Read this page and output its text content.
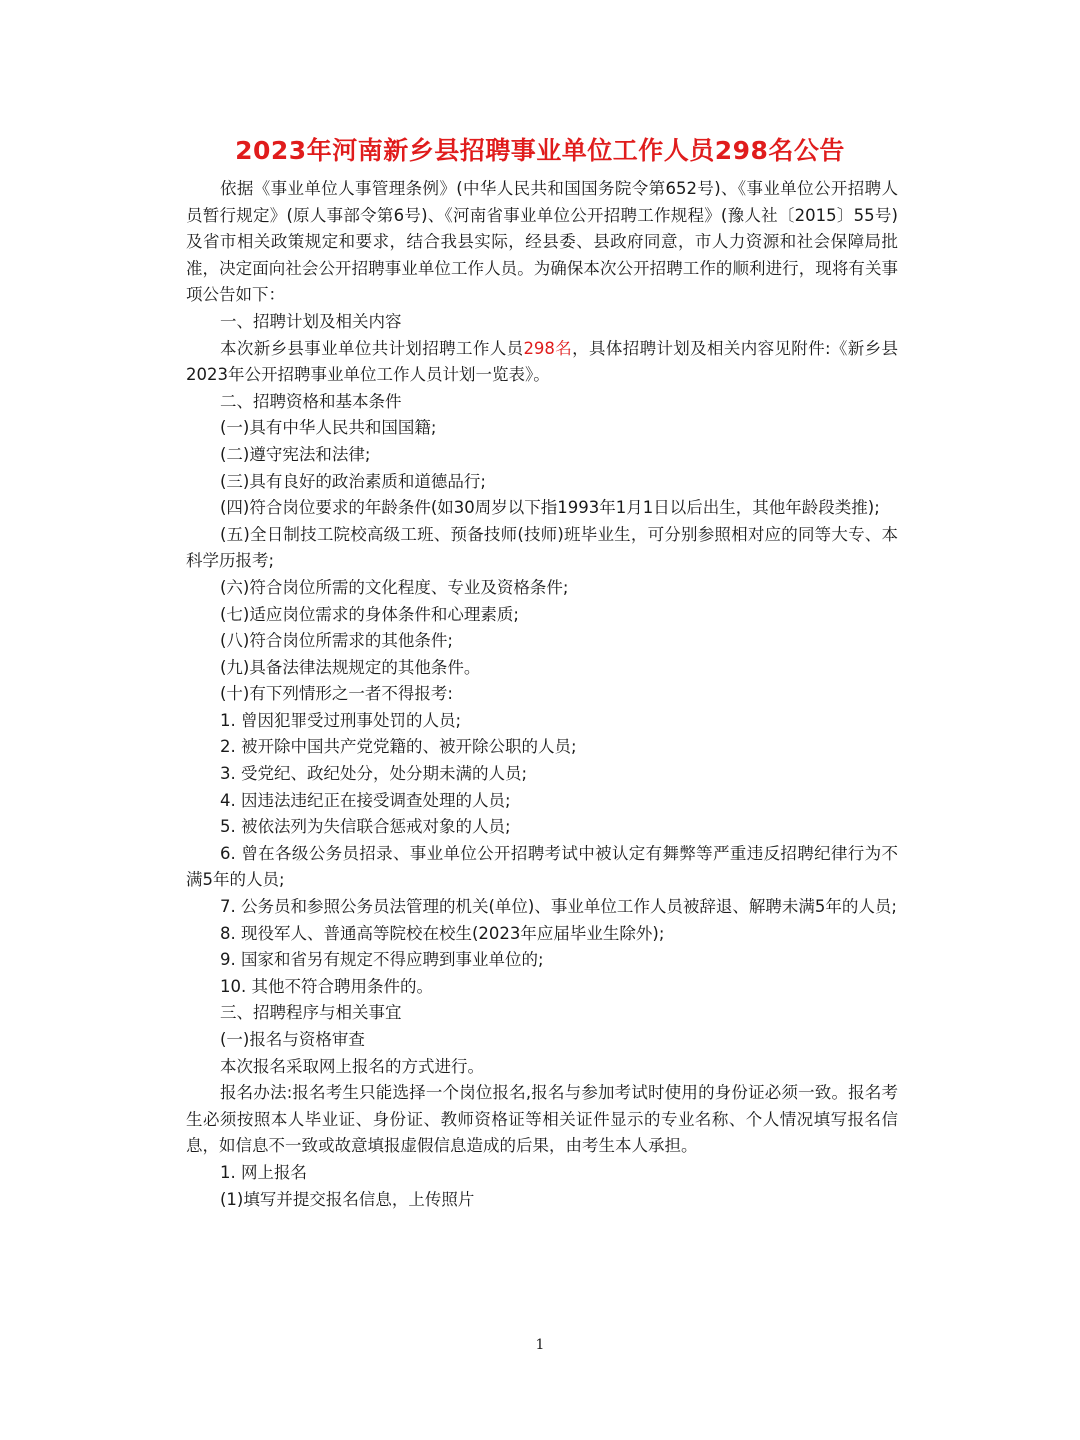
2023年河南新乡县招聘事业单位工作人员298名公告

依据《事业单位人事管理条例》(中华人民共和国国务院令第652号)、《事业单位公开招聘人员暂行规定》(原人事部令第6号)、《河南省事业单位公开招聘工作规程》(豫人社〔2015〕55号)及省市相关政策规定和要求，结合我县实际，经县委、县政府同意，市人力资源和社会保障局批准，决定面向社会公开招聘事业单位工作人员。为确保本次公开招聘工作的顺利进行，现将有关事项公告如下：

一、招聘计划及相关内容

本次新乡县事业单位共计划招聘工作人员298名，具体招聘计划及相关内容见附件:《新乡县2023年公开招聘事业单位工作人员计划一览表》。

二、招聘资格和基本条件

(一)具有中华人民共和国国籍;

(二)遵守宪法和法律;

(三)具有良好的政治素质和道德品行;

(四)符合岗位要求的年龄条件(如30周岁以下指1993年1月1日以后出生，其他年龄段类推);

(五)全日制技工院校高级工班、预备技师(技师)班毕业生，可分别参照相对应的同等大专、本科学历报考;

(六)符合岗位所需的文化程度、专业及资格条件;

(七)适应岗位需求的身体条件和心理素质;

(八)符合岗位所需求的其他条件;

(九)具备法律法规规定的其他条件。

(十)有下列情形之一者不得报考:

1. 曾因犯罪受过刑事处罚的人员;

2. 被开除中国共产党党籍的、被开除公职的人员;

3. 受党纪、政纪处分，处分期未满的人员;

4. 因违法违纪正在接受调查处理的人员;

5. 被依法列为失信联合惩戒对象的人员;

6. 曾在各级公务员招录、事业单位公开招聘考试中被认定有舞弊等严重违反招聘纪律行为不满5年的人员;

7. 公务员和参照公务员法管理的机关(单位)、事业单位工作人员被辞退、解聘未满5年的人员;

8. 现役军人、普通高等院校在校生(2023年应届毕业生除外);

9. 国家和省另有规定不得应聘到事业单位的;

10. 其他不符合聘用条件的。

三、招聘程序与相关事宜

(一)报名与资格审查

本次报名采取网上报名的方式进行。

报名办法:报名考生只能选择一个岗位报名,报名与参加考试时使用的身份证必须一致。报名考生必须按照本人毕业证、身份证、教师资格证等相关证件显示的专业名称、个人情况填写报名信息，如信息不一致或故意填报虚假信息造成的后果，由考生本人承担。

1. 网上报名

(1)填写并提交报名信息，上传照片

1
